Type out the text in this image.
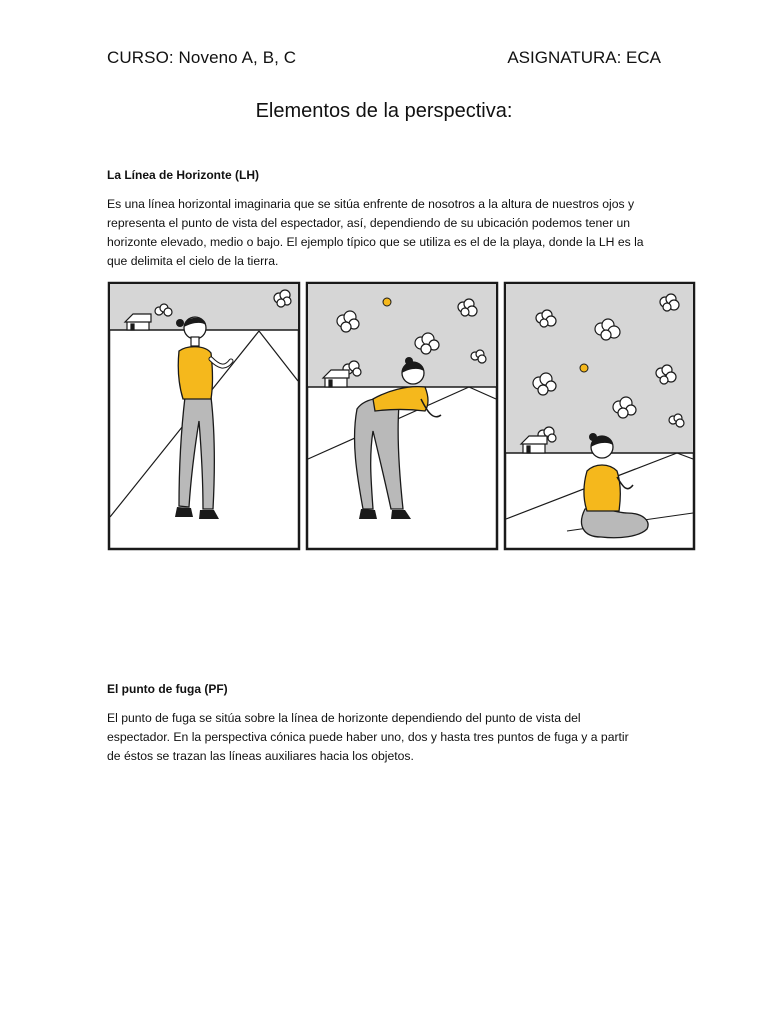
CURSO: Noveno A, B, C	ASIGNATURA: ECA
Elementos de la perspectiva:
La Línea de Horizonte (LH)
Es una línea horizontal imaginaria que se sitúa enfrente de nosotros a la altura de nuestros ojos y
representa el punto de vista del espectador, así, dependiendo de su ubicación podemos tener un
horizonte elevado, medio o bajo. El ejemplo típico que se utiliza es el de la playa, donde la LH es la
que delimita el cielo de la tierra.
El punto de fuga (PF)
El punto de fuga se sitúa sobre la línea de horizonte dependiendo del punto de vista del
espectador. En la perspectiva cónica puede haber uno, dos y hasta tres puntos de fuga y a partir
de éstos se trazan las líneas auxiliares hacia los objetos.
